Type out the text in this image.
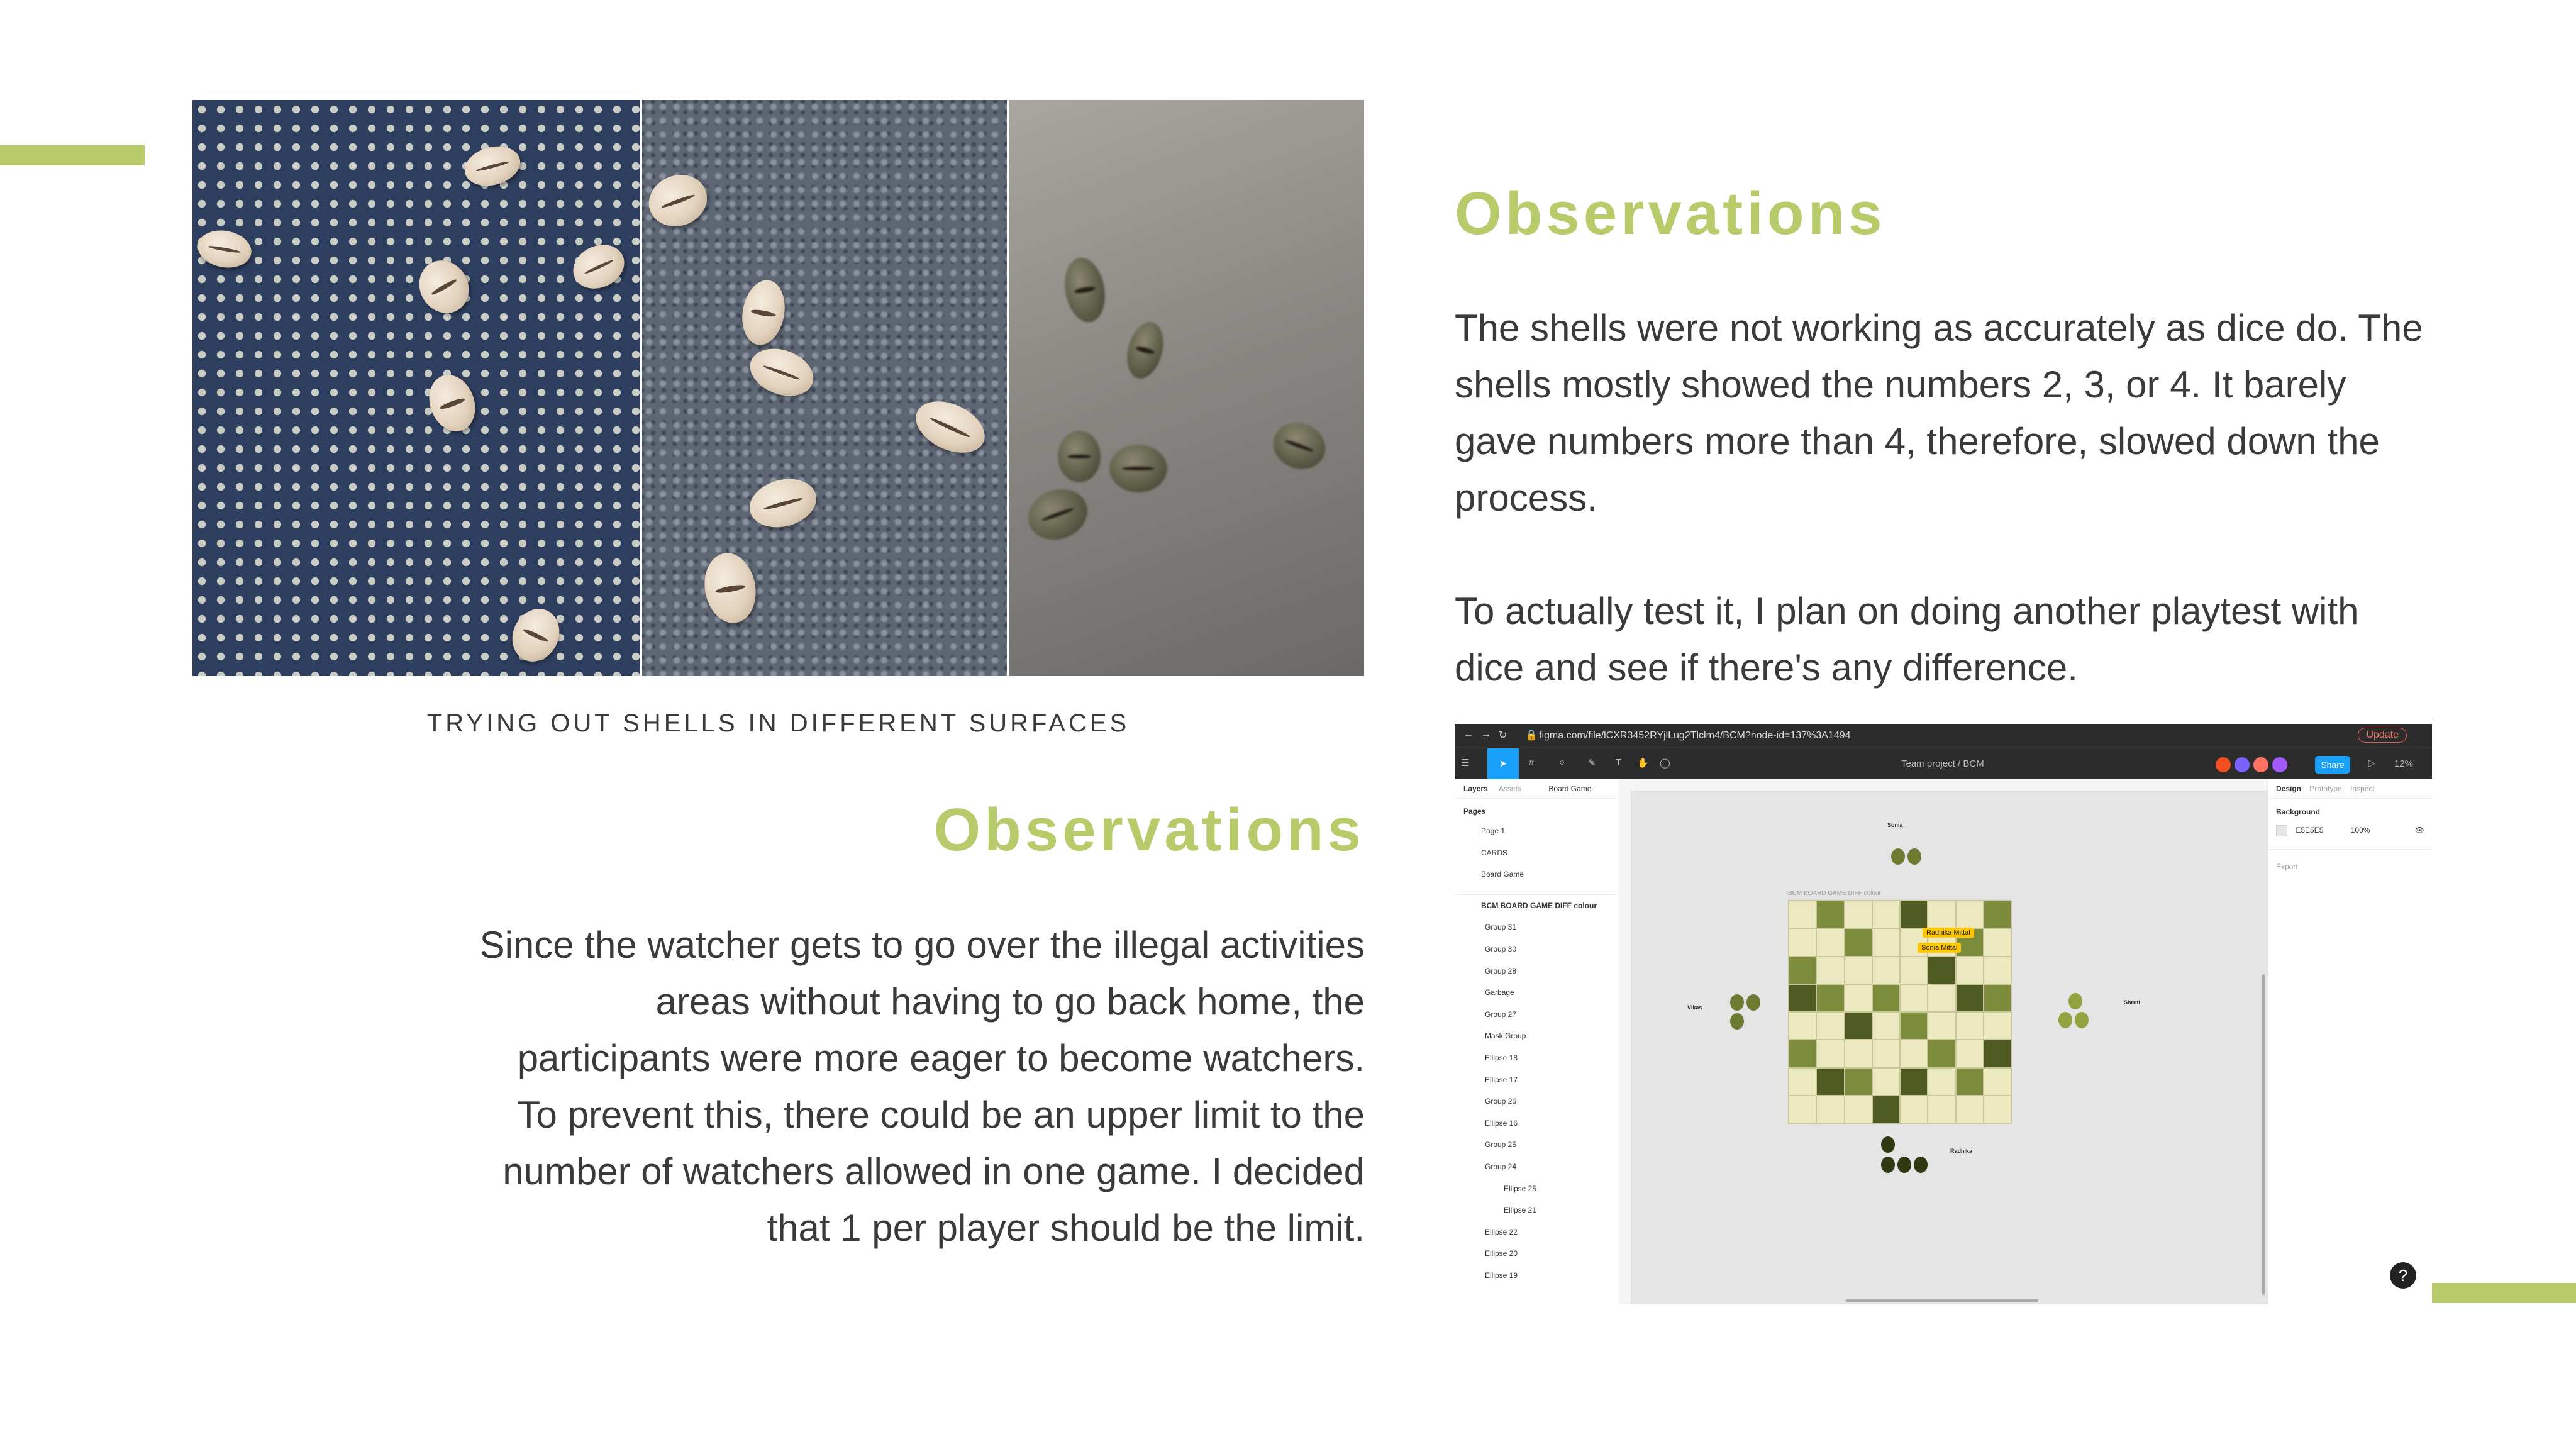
TRYING OUT SHELLS IN DIFFERENT SURFACES
Observations

Since the watcher gets to go over the illegal activities areas without having to go back home, the participants were more eager to become watchers.

To prevent this, there could be an upper limit to the number of watchers allowed in one game. I decided that 1 per player should be the limit.

Observations

The shells were not working as accurately as dice do. The shells mostly showed the numbers 2, 3, or 4. It barely gave numbers more than 4, therefore, slowed down the process.

To actually test it, I plan on doing another playtest with dice and see if there's any difference.

← → ↻ 🔒 figma.com/file/lCXR3452RYjlLug2Tlclm4/BCM?node-id=137%3A1494	Update
☰	➤	#	○ ✎ T ✋ ◯	Team project / BCM	Share	▷ 12%
Layers Assets	Board Game
Pages
Page 1
CARDS
Board Game
BCM BOARD GAME DIFF colour
Group 31
Group 30
Group 28
Garbage
Group 27
Mask Group
Ellipse 18
Ellipse 17
Group 26
Ellipse 16
Group 25
Group 24
Ellipse 25
Ellipse 21
Ellipse 22
Ellipse 20
Ellipse 19
BCM BOARD GAME DIFF colour
Radhika Mittal
Sonia Mittal
Sonia
Radhika
Vikas
Shruti
Design Prototype Inspect
Background
E5E5E5	100%	👁
Export
?
